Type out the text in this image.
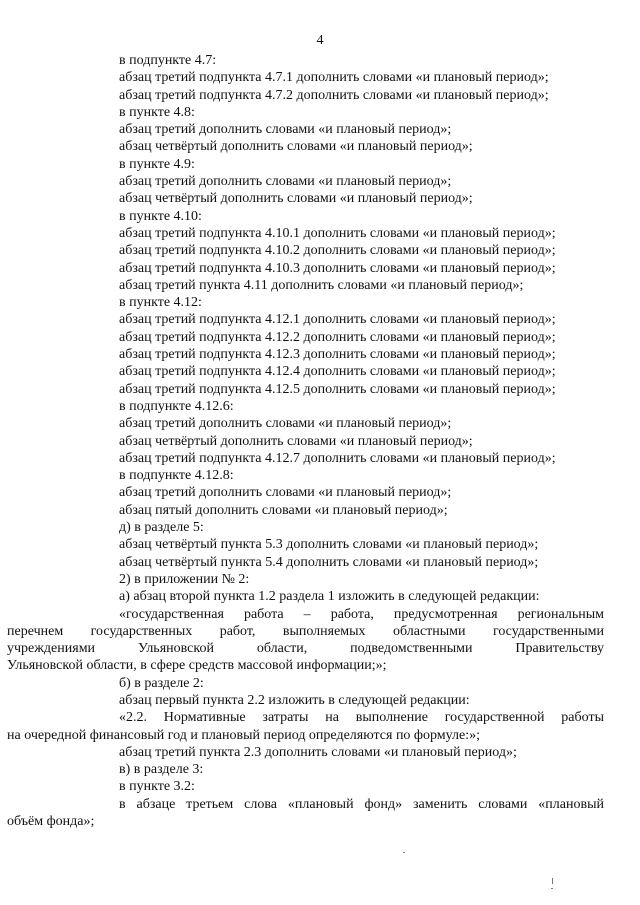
4
в подпункте 4.7:
абзац третий подпункта 4.7.1 дополнить словами «и плановый период»;
абзац третий подпункта 4.7.2 дополнить словами «и плановый период»;
в пункте 4.8:
абзац третий дополнить словами «и плановый период»;
абзац четвёртый дополнить словами «и плановый период»;
в пункте 4.9:
абзац третий дополнить словами «и плановый период»;
абзац четвёртый дополнить словами «и плановый период»;
в пункте 4.10:
абзац третий подпункта 4.10.1 дополнить словами «и плановый период»;
абзац третий подпункта 4.10.2 дополнить словами «и плановый период»;
абзац третий подпункта 4.10.3 дополнить словами «и плановый период»;
абзац третий пункта 4.11 дополнить словами «и плановый период»;
в пункте 4.12:
абзац третий подпункта 4.12.1 дополнить словами «и плановый период»;
абзац третий подпункта 4.12.2 дополнить словами «и плановый период»;
абзац третий подпункта 4.12.3 дополнить словами «и плановый период»;
абзац третий подпункта 4.12.4 дополнить словами «и плановый период»;
абзац третий подпункта 4.12.5 дополнить словами «и плановый период»;
в подпункте 4.12.6:
абзац третий дополнить словами «и плановый период»;
абзац четвёртый дополнить словами «и плановый период»;
абзац третий подпункта 4.12.7 дополнить словами «и плановый период»;
в подпункте 4.12.8:
абзац третий дополнить словами «и плановый период»;
абзац пятый дополнить словами «и плановый период»;
д) в разделе 5:
абзац четвёртый пункта 5.3 дополнить словами «и плановый период»;
абзац четвёртый пункта 5.4 дополнить словами «и плановый период»;
2) в приложении № 2:
а) абзац второй пункта 1.2 раздела 1 изложить в следующей редакции:
«государственная работа – работа, предусмотренная региональным
перечнем государственных работ, выполняемых областными государственными
учреждениями Ульяновской области, подведомственными Правительству
Ульяновской области, в сфере средств массовой информации;»;
б) в разделе 2:
абзац первый пункта 2.2 изложить в следующей редакции:
«2.2. Нормативные затраты на выполнение государственной работы
на очередной финансовый год и плановый период определяются по формуле:»;
абзац третий пункта 2.3 дополнить словами «и плановый период»;
в) в разделе 3:
в пункте 3.2:
в абзаце третьем слова «плановый фонд» заменить словами «плановый
объём фонда»;
